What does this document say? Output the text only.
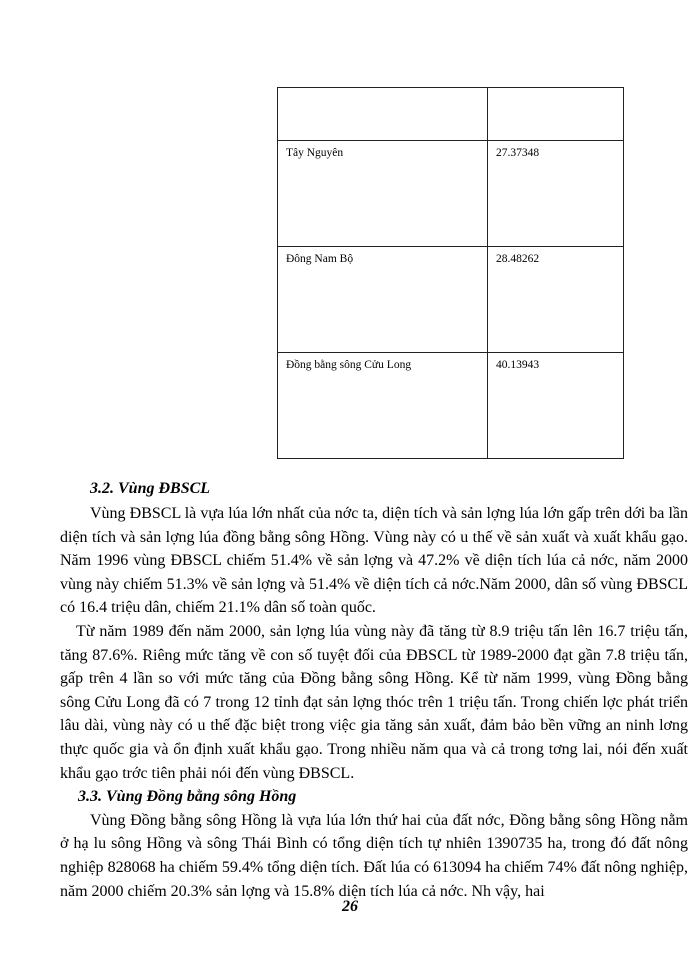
Tây Nguyên	27.37348
Đông Nam Bộ	28.48262
Đồng bằng sông Cửu Long	40.13943
3.2. Vùng ĐBSCL

Vùng ĐBSCL là vựa lúa lớn nhất của nớc ta, diện tích và sản lợng lúa lớn gấp trên dới ba lần diện tích và sản lợng lúa đồng bằng sông Hồng. Vùng này có u thế về sản xuất và xuất khẩu gạo. Năm 1996 vùng ĐBSCL chiếm 51.4% về sản lợng và 47.2% về diện tích lúa cả nớc, năm 2000 vùng này chiếm 51.3% về sản lợng và 51.4% về diện tích cả nớc.Năm 2000, dân số vùng ĐBSCL có 16.4 triệu dân, chiếm 21.1% dân số toàn quốc.

Từ năm 1989 đến năm 2000, sản lợng lúa vùng này đã tăng từ 8.9 triệu tấn lên 16.7 triệu tấn, tăng 87.6%. Riêng mức tăng về con số tuyệt đối của ĐBSCL từ 1989-2000 đạt gần 7.8 triệu tấn, gấp trên 4 lần so với mức tăng của Đồng bằng sông Hồng. Kể từ năm 1999, vùng Đồng bằng sông Cửu Long đã có 7 trong 12 tỉnh đạt sản lợng thóc trên 1 triệu tấn. Trong chiến lợc phát triển lâu dài, vùng này có u thế đặc biệt trong việc gia tăng sản xuất, đảm bảo bền vững an ninh lơng thực quốc gia và ổn định xuất khẩu gạo. Trong nhiều năm qua và cả trong tơng lai, nói đến xuất khẩu gạo trớc tiên phải nói đến vùng ĐBSCL.

3.3. Vùng Đồng bằng sông Hồng

Vùng Đồng bằng sông Hồng là vựa lúa lớn thứ hai của đất nớc, Đồng bằng sông Hồng nằm ở hạ lu sông Hồng và sông Thái Bình có tổng diện tích tự nhiên 1390735 ha, trong đó đất nông nghiệp 828068 ha chiếm 59.4% tổng diện tích. Đất lúa có 613094 ha chiếm 74% đất nông nghiệp, năm 2000 chiếm 20.3% sản lợng và 15.8% diện tích lúa cả nớc. Nh vậy, hai

26
